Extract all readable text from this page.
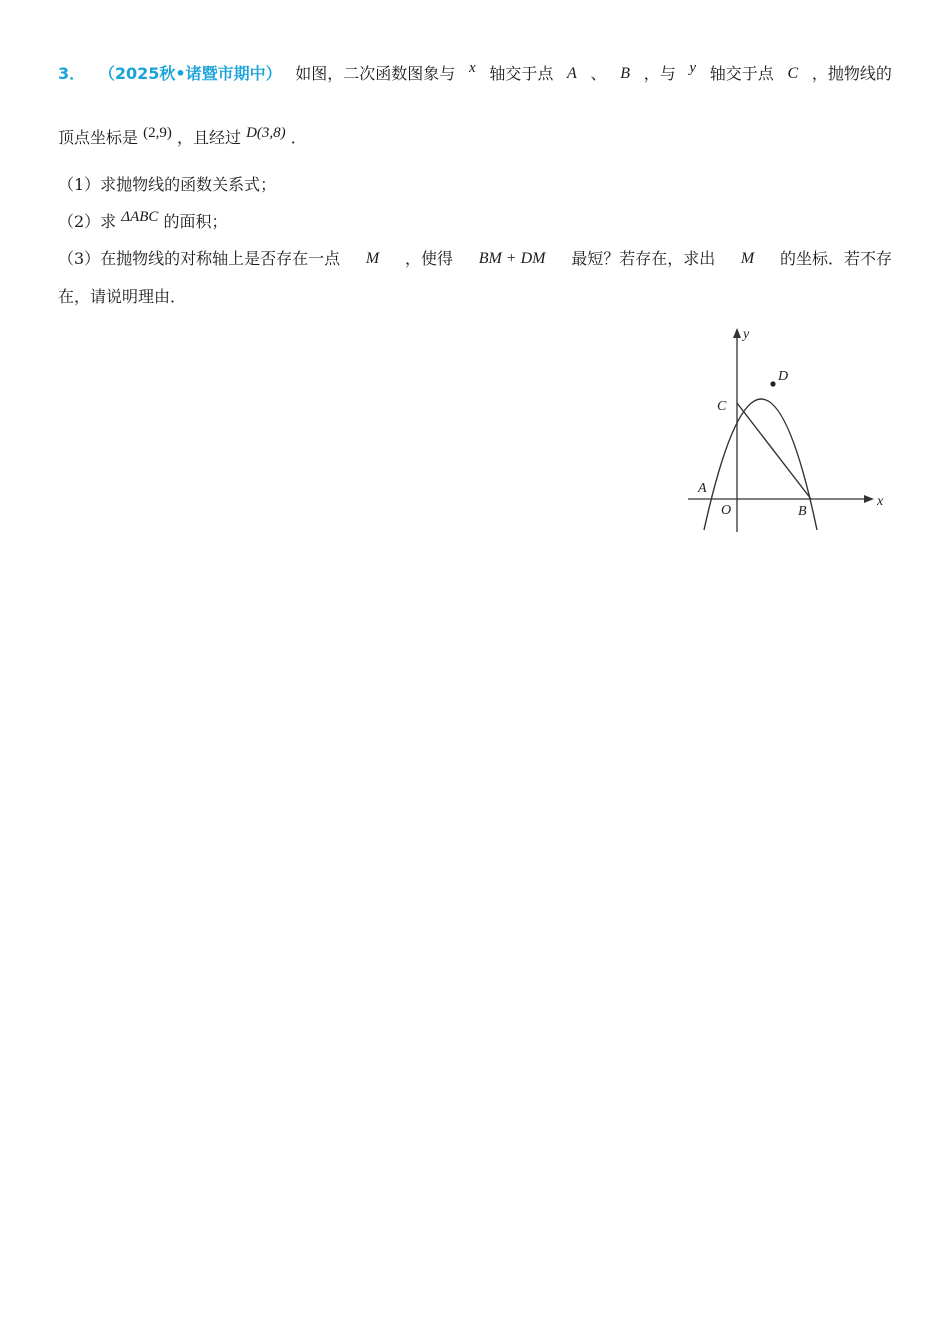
3． （2025秋•诸暨市期中） 如图，二次函数图象与 x 轴交于点 A 、 B ，与 y 轴交于点 C ，抛物线的
顶点坐标是 (2,9) ，且经过 D(3,8) ．
（1）求抛物线的函数关系式；
（2）求 ΔABC 的面积；
（3）在抛物线的对称轴上是否存在一点 M ，使得 BM + DM 最短？若存在，求出 M 的坐标．若不存
在，请说明理由．
y
x
A
O	B
C
D
